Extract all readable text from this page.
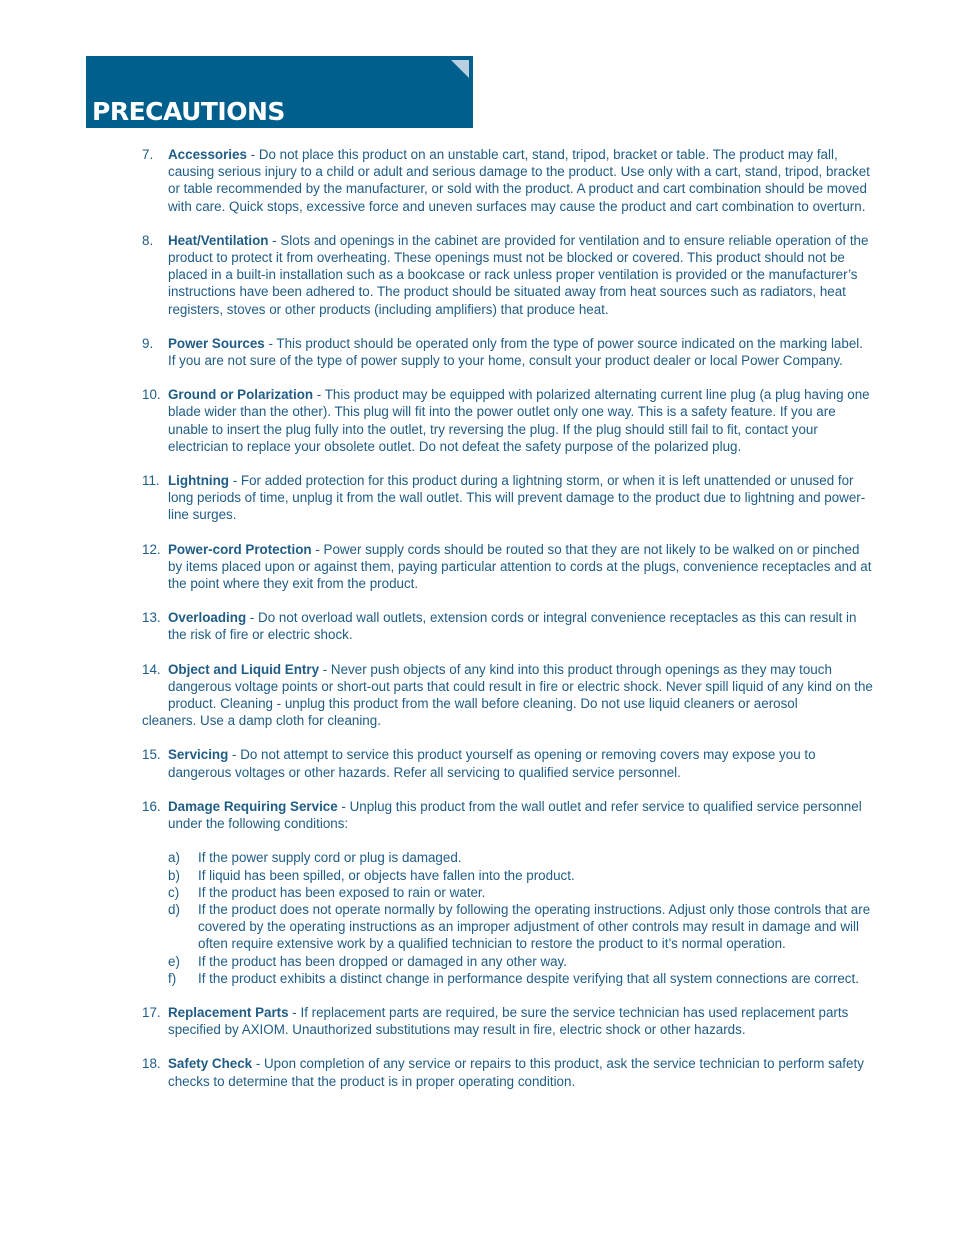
PRECAUTIONS
7.	Accessories - Do not place this product on an unstable cart, stand, tripod, bracket or table. The product may fall, causing serious injury to a child or adult and serious damage to the product. Use only with a cart, stand, tripod, bracket or table recommended by the manufacturer, or sold with the product. A product and cart combination should be moved with care. Quick stops, excessive force and uneven surfaces may cause the product and cart combination to overturn.
8.	Heat/Ventilation - Slots and openings in the cabinet are provided for ventilation and to ensure reliable operation of the product to protect it from overheating. These openings must not be blocked or covered. This product should not be placed in a built-in installation such as a bookcase or rack unless proper ventilation is provided or the manufacturer’s instructions have been adhered to. The product should be situated away from heat sources such as radiators, heat registers, stoves or other products (including amplifiers) that produce heat.
9.	Power Sources - This product should be operated only from the type of power source indicated on the marking label. If you are not sure of the type of power supply to your home, consult your product dealer or local Power Company.
10. Ground or Polarization - This product may be equipped with polarized alternating current line plug (a plug having one blade wider than the other). This plug will fit into the power outlet only one way. This is a safety feature. If you are unable to insert the plug fully into the outlet, try reversing the plug. If the plug should still fail to fit, contact your electrician to replace your obsolete outlet. Do not defeat the safety purpose of the polarized plug.
11. Lightning - For added protection for this product during a lightning storm, or when it is left unattended or unused for long periods of time, unplug it from the wall outlet. This will prevent damage to the product due to lightning and power-line surges.
12. Power-cord Protection - Power supply cords should be routed so that they are not likely to be walked on or pinched by items placed upon or against them, paying particular attention to cords at the plugs, convenience receptacles and at the point where they exit from the product.
13. Overloading - Do not overload wall outlets, extension cords or integral convenience receptacles as this can result in the risk of fire or electric shock.
14. Object and Liquid Entry - Never push objects of any kind into this product through openings as they may touch dangerous voltage points or short-out parts that could result in fire or electric shock. Never spill liquid of any kind on the product. Cleaning - unplug this product from the wall before cleaning. Do not use liquid cleaners or aerosol
cleaners. Use a damp cloth for cleaning.
15. Servicing - Do not attempt to service this product yourself as opening or removing covers may expose you to dangerous voltages or other hazards. Refer all servicing to qualified service personnel.
16. Damage Requiring Service - Unplug this product from the wall outlet and refer service to qualified service personnel under the following conditions:
a)	If the power supply cord or plug is damaged.
b)	If liquid has been spilled, or objects have fallen into the product.
c)	If the product has been exposed to rain or water.
d)	If the product does not operate normally by following the operating instructions. Adjust only those controls that are covered by the operating instructions as an improper adjustment of other controls may result in damage and will often require extensive work by a qualified technician to restore the product to it’s normal operation.
e)	If the product has been dropped or damaged in any other way.
f)	If the product exhibits a distinct change in performance despite verifying that all system connections are correct.
17. Replacement Parts - If replacement parts are required, be sure the service technician has used replacement parts specified by AXIOM. Unauthorized substitutions may result in fire, electric shock or other hazards.
18. Safety Check - Upon completion of any service or repairs to this product, ask the service technician to perform safety checks to determine that the product is in proper operating condition.
